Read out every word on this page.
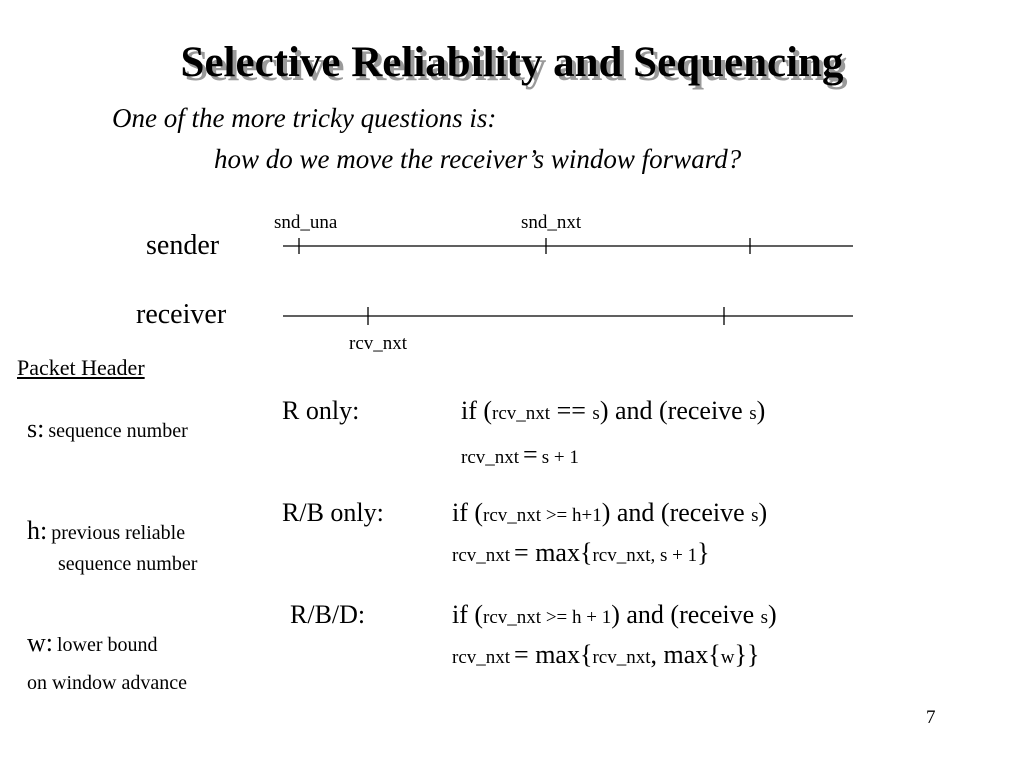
Selective Reliability and Sequencing
One of the more tricky questions is:
how do we move the receiver’s window forward?
sender
receiver
snd_una	snd_nxt
rcv_nxt
Packet Header
s: sequence number
h: previous reliable
sequence number
w: lower bound
on window advance
R only:	if (rcv_nxt == s) and (receive s)
rcv_nxt = s + 1
R/B only:	if (rcv_nxt >= h+1) and (receive s)
rcv_nxt = max{rcv_nxt, s + 1}
R/B/D:	if (rcv_nxt >= h + 1) and (receive s)
rcv_nxt = max{rcv_nxt, max{w}}
7
